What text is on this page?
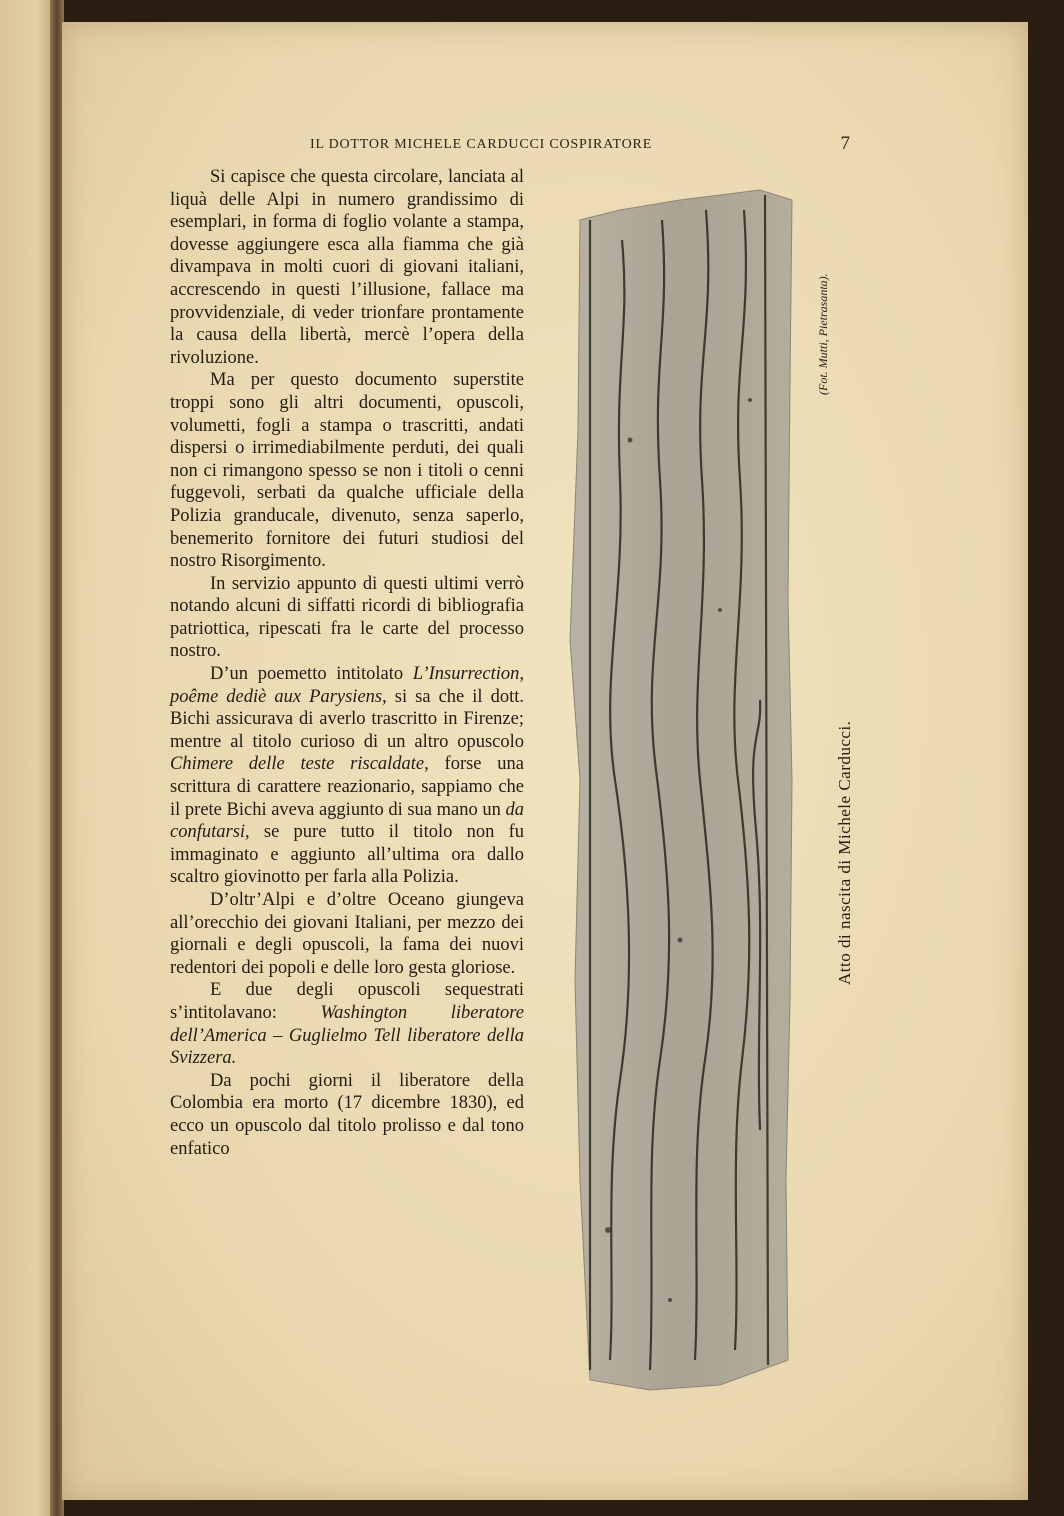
IL DOTTOR MICHELE CARDUCCI COSPIRATORE	7

Si capisce che questa circolare, lanciata al liquà delle Alpi in numero grandissimo di esemplari, in forma di foglio volante a stampa, dovesse aggiungere esca alla fiamma che già divampava in molti cuori di giovani italiani, accrescendo in questi l’illusione, fallace ma provvidenziale, di veder trionfare prontamente la causa della libertà, mercè l’opera della rivoluzione.

Ma per questo documento superstite troppi sono gli altri documenti, opuscoli, volumetti, fogli a stampa o trascritti, andati dispersi o irrimediabilmente perduti, dei quali non ci rimangono spesso se non i titoli o cenni fuggevoli, serbati da qualche ufficiale della Polizia granducale, divenuto, senza saperlo, benemerito fornitore dei futuri studiosi del nostro Risorgimento.

In servizio appunto di questi ultimi verrò notando alcuni di siffatti ricordi di bibliografia patriottica, ripescati fra le carte del processo nostro.

D’un poemetto intitolato L’Insurrection, poême dediè aux Parysiens, si sa che il dott. Bichi assicurava di averlo trascritto in Firenze; mentre al titolo curioso di un altro opuscolo Chimere delle teste riscaldate, forse una scrittura di carattere reazionario, sappiamo che il prete Bichi aveva aggiunto di sua mano un da confutarsi, se pure tutto il titolo non fu immaginato e aggiunto all’ultima ora dallo scaltro giovinotto per farla alla Polizia.

D’oltr’Alpi e d’oltre Oceano giungeva all’orecchio dei giovani Italiani, per mezzo dei giornali e degli opuscoli, la fama dei nuovi redentori dei popoli e delle loro gesta gloriose.

E due degli opuscoli sequestrati s’intitolavano: Washington liberatore dell’America – Guglielmo Tell liberatore della Svizzera.

Da pochi giorni il liberatore della Colombia era morto (17 dicembre 1830), ed ecco un opuscolo dal titolo prolisso e dal tono enfatico

Atto di nascita di Michele Carducci.
(Fot. Mutti, Pietrasanta).
